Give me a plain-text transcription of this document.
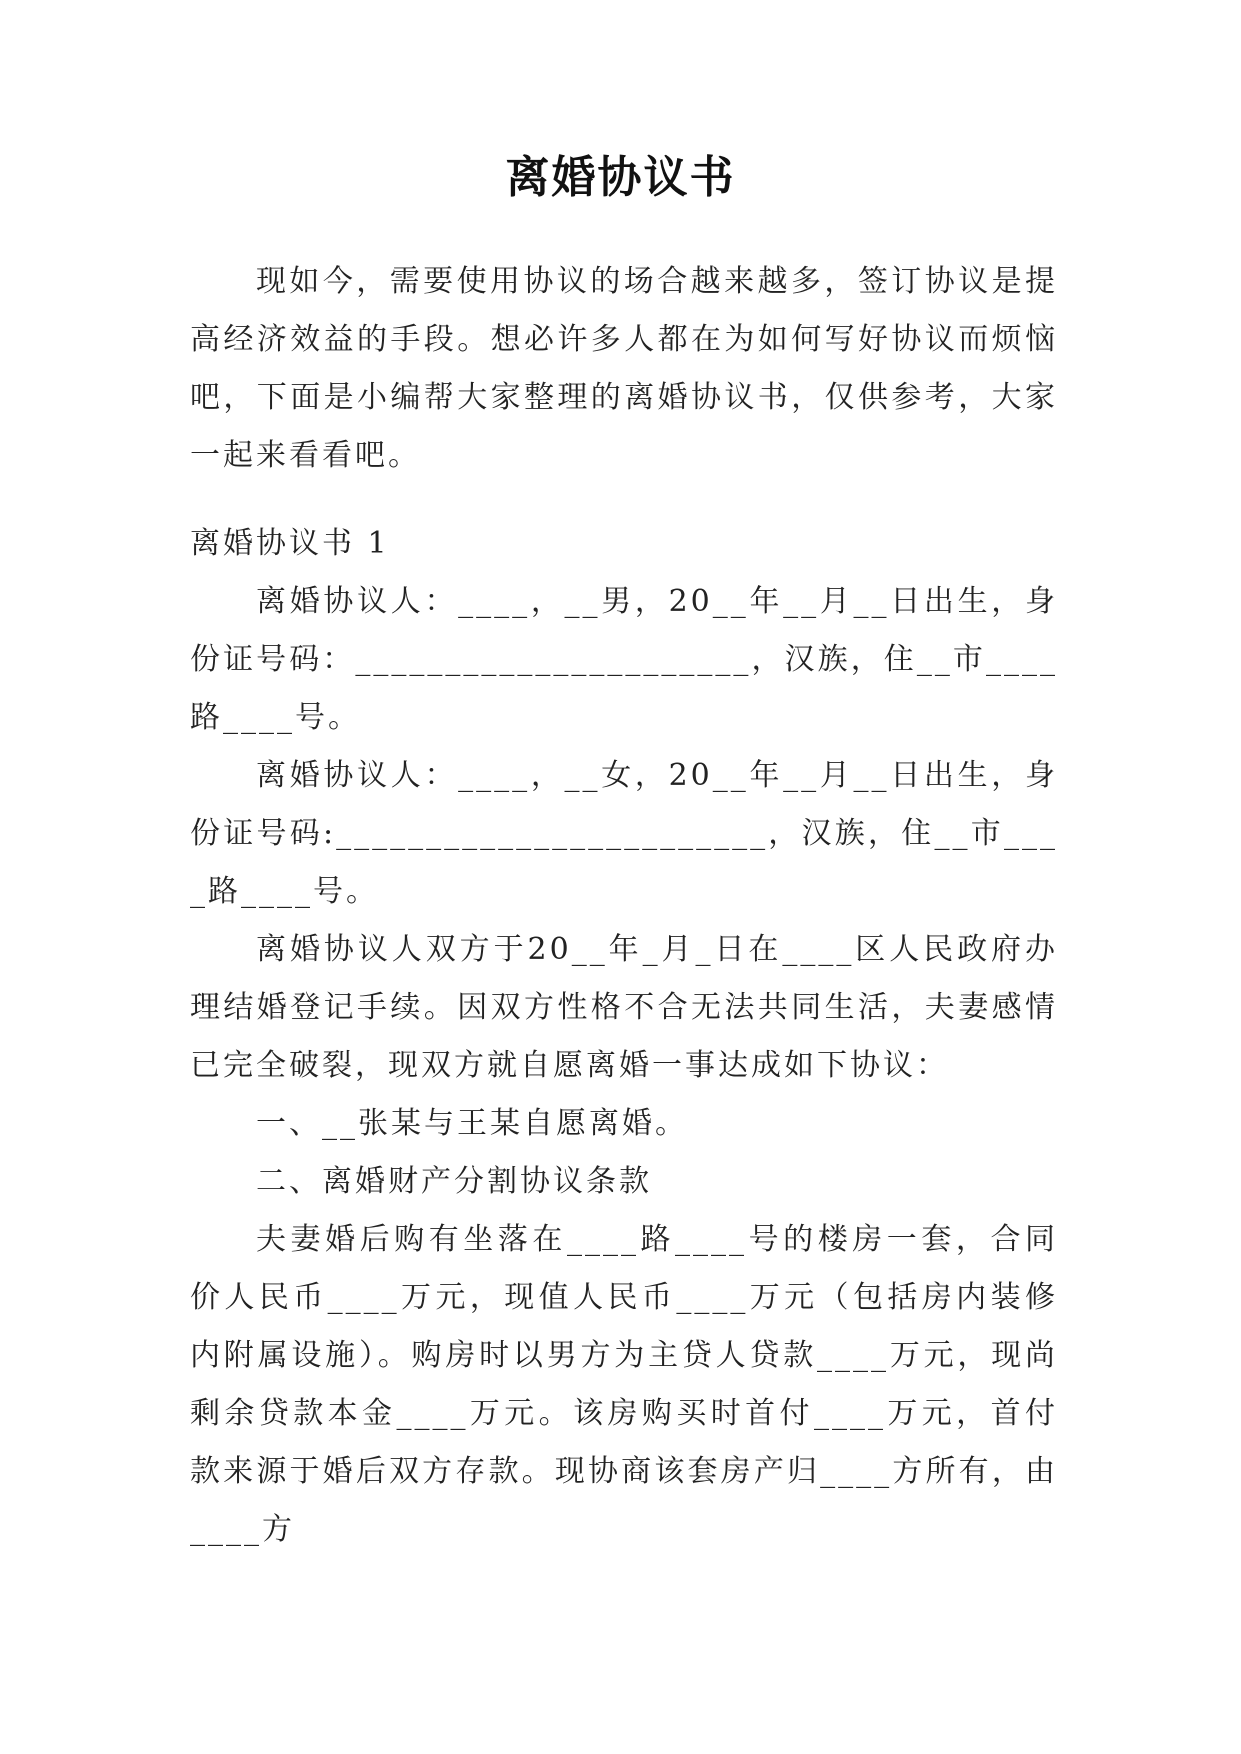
离婚协议书

现如今，需要使用协议的场合越来越多，签订协议是提高经济效益的手段。想必许多人都在为如何写好协议而烦恼吧，下面是小编帮大家整理的离婚协议书，仅供参考，大家一起来看看吧。

离婚协议书 1

离婚协议人：____，__男，20__年__月__日出生，身份证号码：______________________，汉族，住__市____路____号。

离婚协议人：____，__女，20__年__月__日出生，身份证号码:________________________，汉族，住__市____路____号。

离婚协议人双方于20__年_月_日在____区人民政府办理结婚登记手续。因双方性格不合无法共同生活，夫妻感情已完全破裂，现双方就自愿离婚一事达成如下协议：

一、__张某与王某自愿离婚。

二、离婚财产分割协议条款

夫妻婚后购有坐落在____路____号的楼房一套，合同价人民币____万元，现值人民币____万元（包括房内装修内附属设施）。购房时以男方为主贷人贷款____万元，现尚剩余贷款本金____万元。该房购买时首付____万元，首付款来源于婚后双方存款。现协商该套房产归____方所有，由____方
